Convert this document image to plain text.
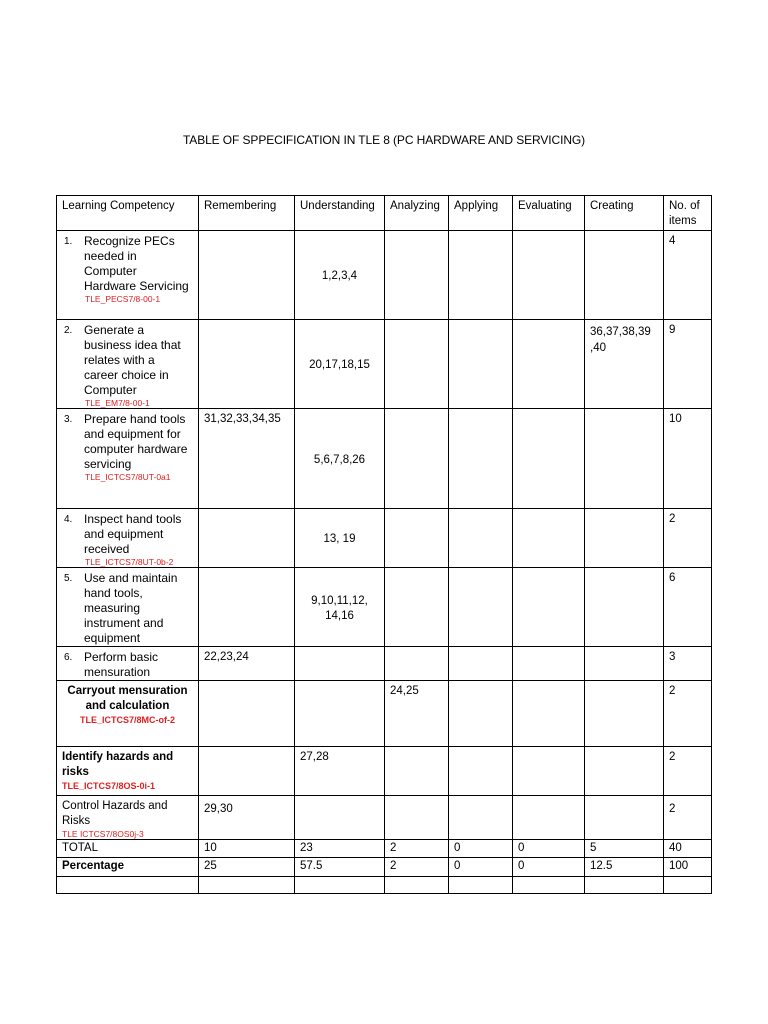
TABLE OF SPPECIFICATION IN TLE 8 (PC HARDWARE AND SERVICING)
Learning Competency	Remembering	Understanding	Analyzing	Applying	Evaluating	Creating	No. of items

1. Recognize PECs needed in Computer Hardware Servicing
TLE_PECS7/8-00-1		1,2,3,4					4

2. Generate a business idea that relates with a career choice in Computer
TLE_EM7/8-00-1		20,17,18,15				36,37,38,39 ,40	9

3. Prepare hand tools and equipment for computer hardware servicing
TLE_ICTCS7/8UT-0a1	31,32,33,34,35	5,6,7,8,26					10

4. Inspect hand tools and equipment received
TLE_ICTCS7/8UT-0b-2		13, 19					2

5. Use and maintain hand tools, measuring instrument and equipment		9,10,11,12, 14,16					6

6. Perform basic mensuration	22,23,24						3
Carryout mensuration and calculation
TLE_ICTCS7/8MC-of-2			24,25				2
Identify hazards and risks
TLE_ICTCS7/8OS-0i-1		27,28					2
Control Hazards and Risks
TLE ICTCS7/8OS0j-3	29,30						2
TOTAL	10	23	2	0	0	5	40
Percentage	25	57.5	2	0	0	12.5	100
